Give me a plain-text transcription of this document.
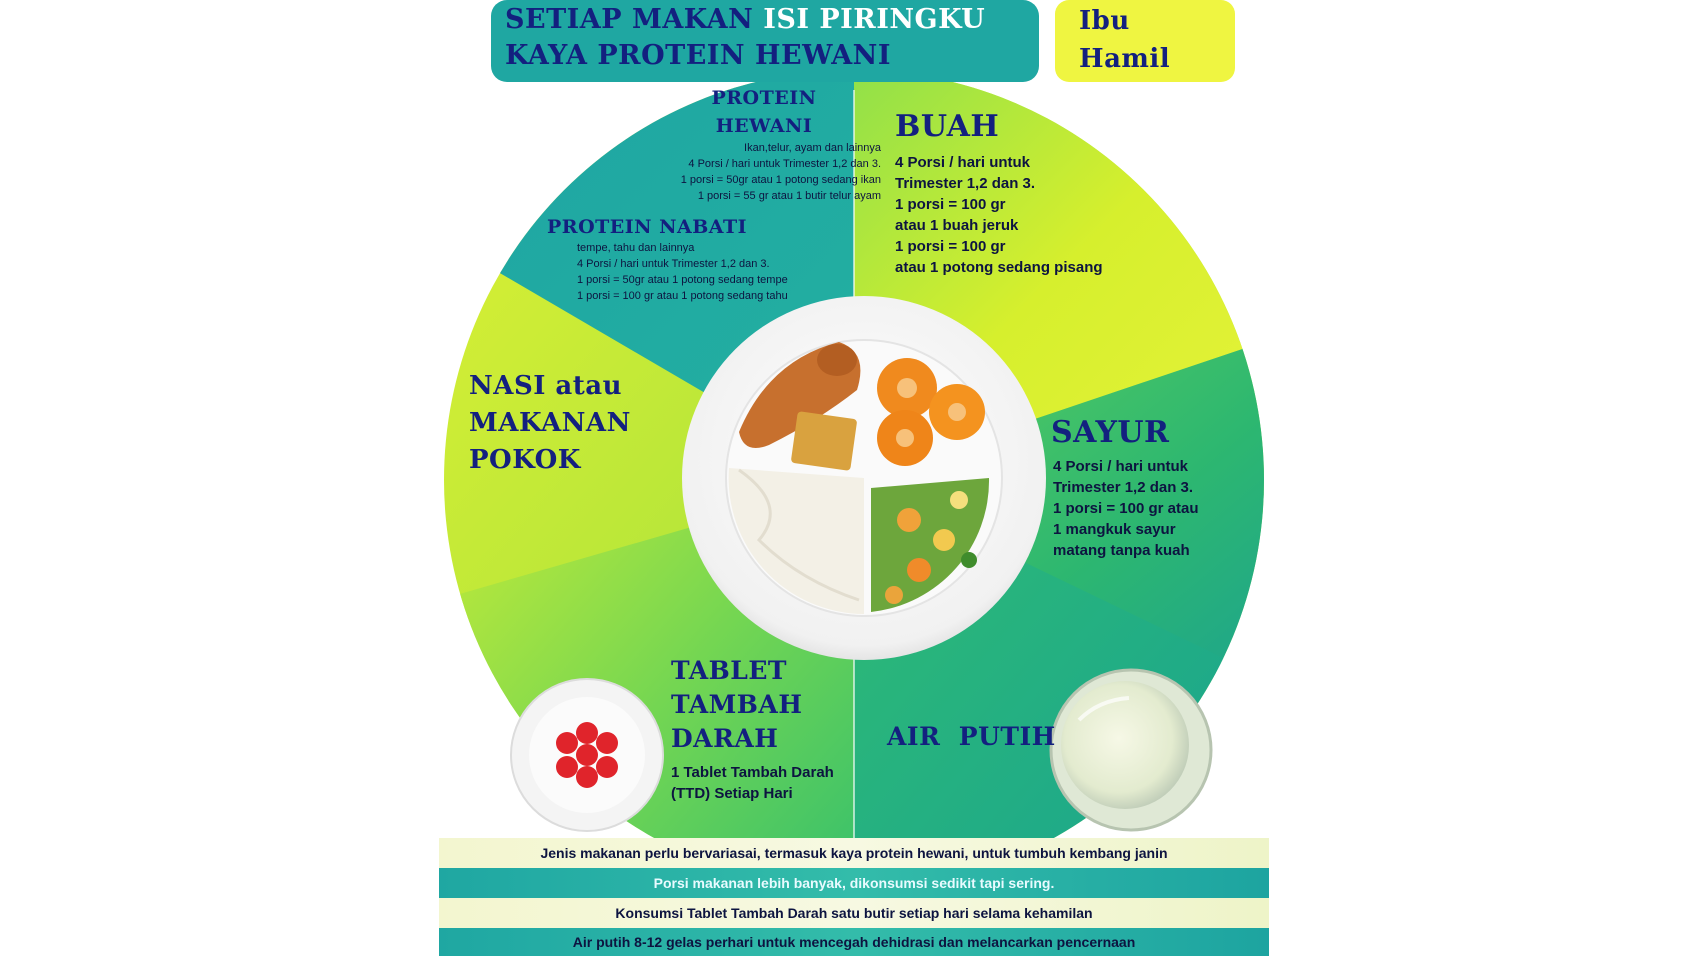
SETIAP MAKAN ISI PIRINGKU
KAYA PROTEIN HEWANI
Ibu
Hamil
PROTEIN
HEWANI
Ikan,telur, ayam dan lainnya
4 Porsi / hari untuk Trimester 1,2 dan 3.
1 porsi = 50gr atau 1 potong sedang ikan
1 porsi = 55 gr atau 1 butir telur ayam
PROTEIN NABATI
tempe, tahu dan lainnya
4 Porsi / hari untuk Trimester 1,2 dan 3.
1 porsi = 50gr atau 1 potong sedang tempe
1 porsi = 100 gr atau 1 potong sedang tahu
BUAH
4 Porsi / hari untuk
Trimester 1,2 dan 3.
1 porsi = 100 gr
atau 1 buah jeruk
1 porsi = 100 gr
atau 1 potong sedang pisang
NASI atau
MAKANAN
POKOK
SAYUR
4 Porsi / hari untuk
Trimester 1,2 dan 3.
1 porsi = 100 gr atau
1 mangkuk sayur
matang tanpa kuah
TABLET
TAMBAH
DARAH
1 Tablet Tambah Darah
(TTD) Setiap Hari
AIR  PUTIH
Jenis makanan perlu bervariasai, termasuk kaya protein hewani, untuk tumbuh kembang janin
Porsi makanan lebih banyak, dikonsumsi sedikit tapi sering.
Konsumsi Tablet Tambah Darah satu butir setiap hari selama kehamilan
Air putih 8-12 gelas perhari untuk mencegah dehidrasi dan melancarkan pencernaan
